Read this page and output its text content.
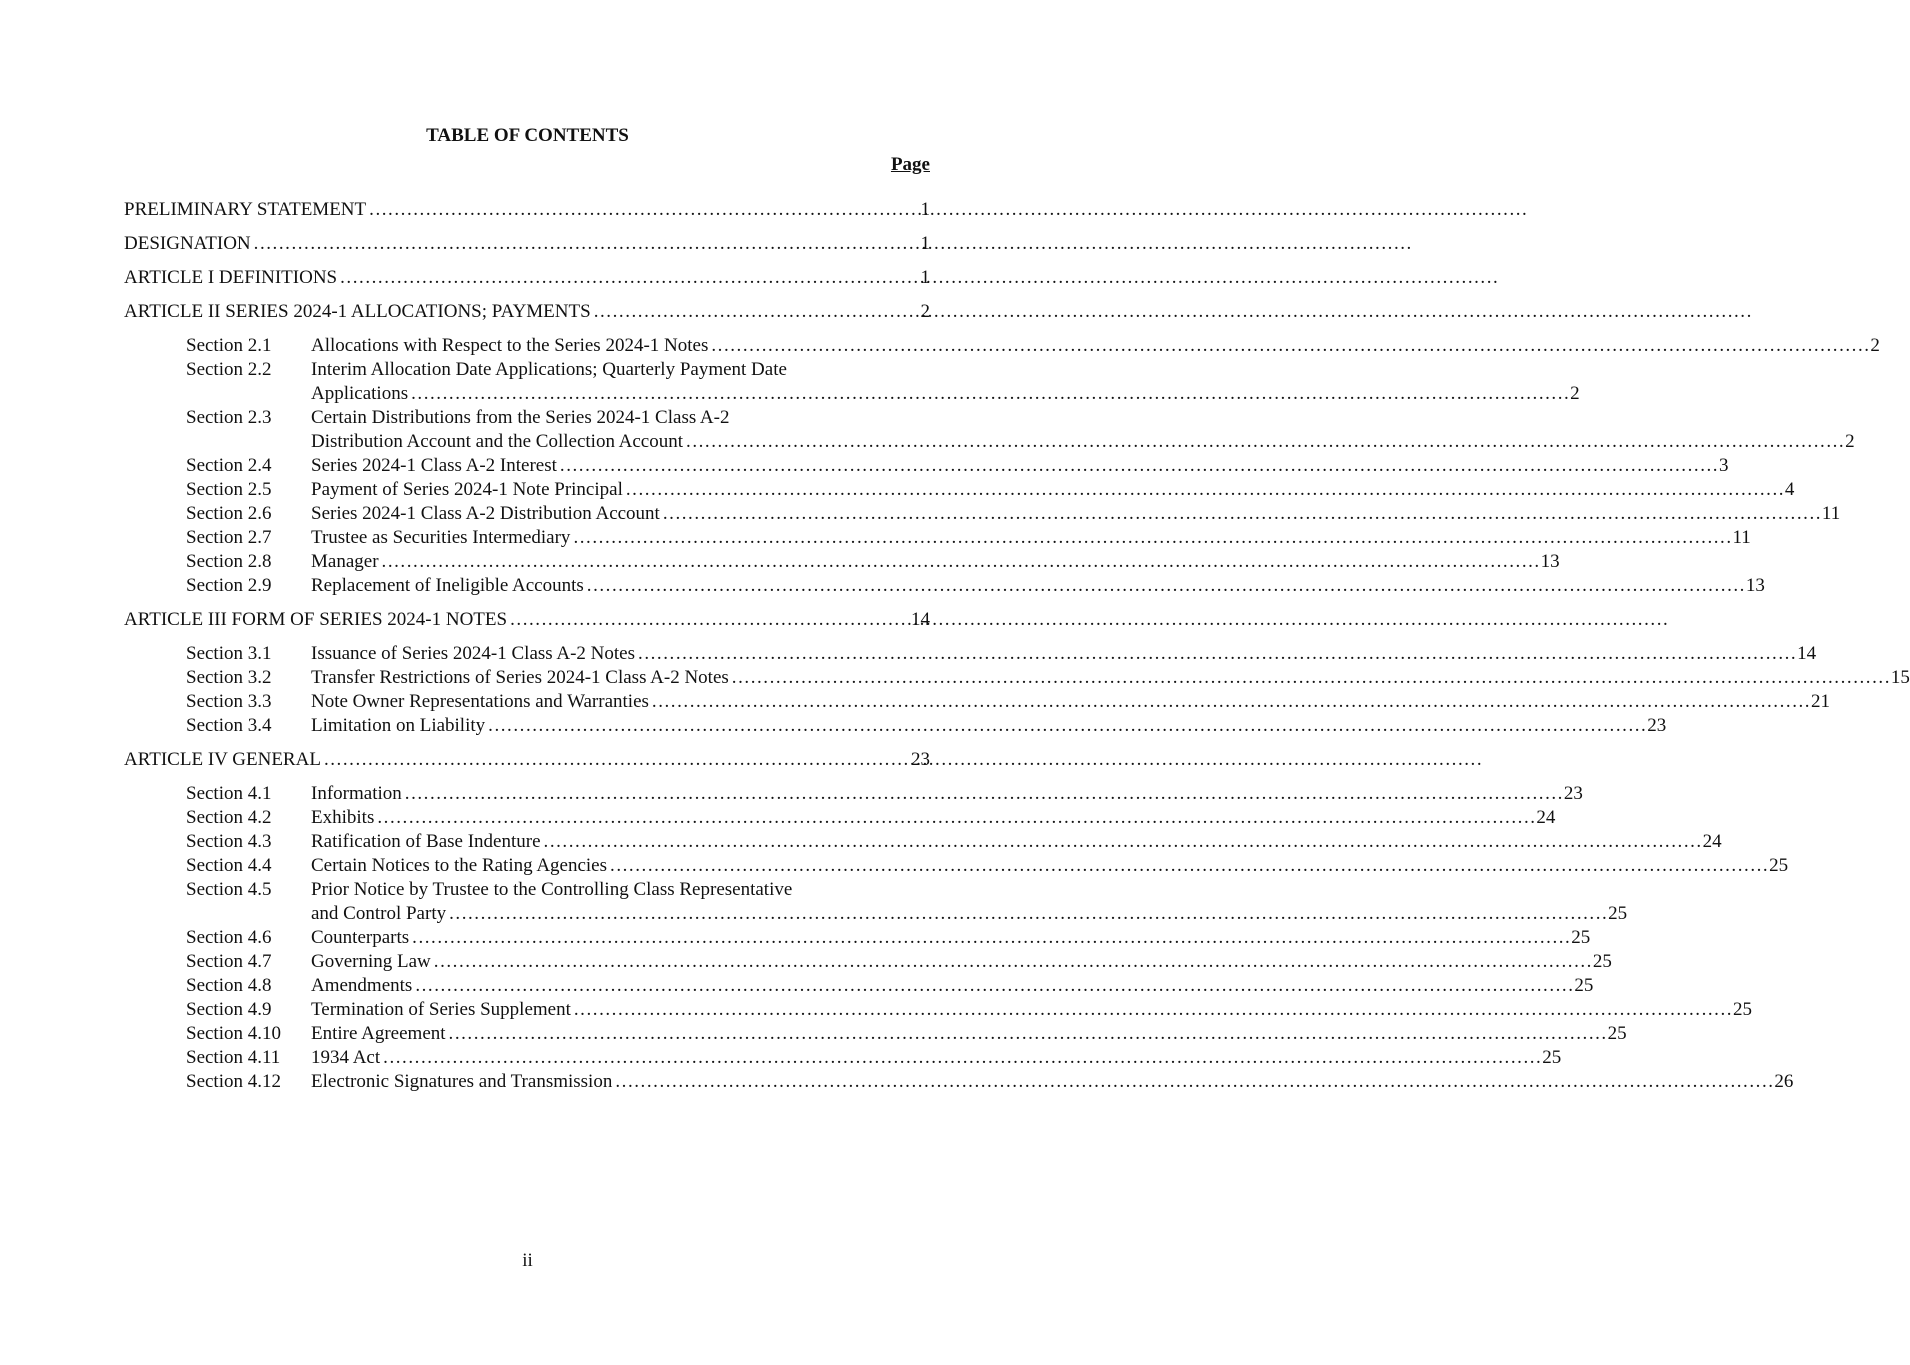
TABLE OF CONTENTS
Page
PRELIMINARY STATEMENT . . .	1
DESIGNATION . . .	1
ARTICLE I DEFINITIONS . . .	1
ARTICLE II SERIES 2024-1 ALLOCATIONS; PAYMENTS . . .	2
Section 2.1	Allocations with Respect to the Series 2024-1 Notes . . .	2
Section 2.2	Interim Allocation Date Applications; Quarterly Payment Date
Applications . . .	2
Section 2.3	Certain Distributions from the Series 2024-1 Class A-2
Distribution Account and the Collection Account . . .	2
Section 2.4	Series 2024-1 Class A-2 Interest . . .	3
Section 2.5	Payment of Series 2024-1 Note Principal . . .	4
Section 2.6	Series 2024-1 Class A-2 Distribution Account . . .	11
Section 2.7	Trustee as Securities Intermediary . . .	11
Section 2.8	Manager . . .	13
Section 2.9	Replacement of Ineligible Accounts . . .	13
ARTICLE III FORM OF SERIES 2024-1 NOTES . . .	14
Section 3.1	Issuance of Series 2024-1 Class A-2 Notes . . .	14
Section 3.2	Transfer Restrictions of Series 2024-1 Class A-2 Notes . . .	15
Section 3.3	Note Owner Representations and Warranties . . .	21
Section 3.4	Limitation on Liability . . .	23
ARTICLE IV GENERAL . . .	23
Section 4.1	Information . . .	23
Section 4.2	Exhibits . . .	24
Section 4.3	Ratification of Base Indenture . . .	24
Section 4.4	Certain Notices to the Rating Agencies . . .	25
Section 4.5	Prior Notice by Trustee to the Controlling Class Representative
and Control Party . . .	25
Section 4.6	Counterparts . . .	25
Section 4.7	Governing Law . . .	25
Section 4.8	Amendments . . .	25
Section 4.9	Termination of Series Supplement . . .	25
Section 4.10	Entire Agreement . . .	25
Section 4.11	1934 Act . . .	25
Section 4.12	Electronic Signatures and Transmission . . .	26
ii
